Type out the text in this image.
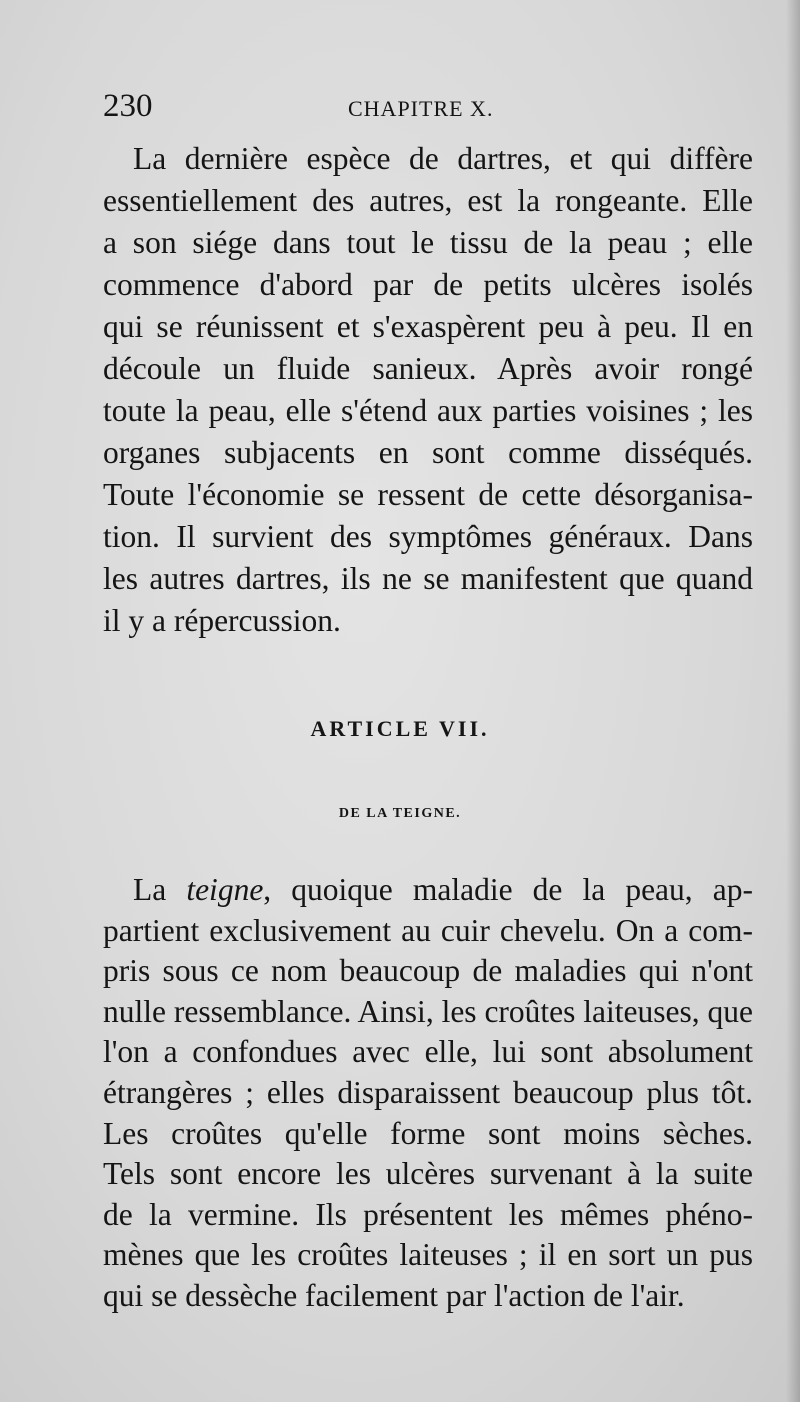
230	CHAPITRE X.
La dernière espèce de dartres, et qui diffère
essentiellement des autres, est la rongeante. Elle
a son siége dans tout le tissu de la peau ; elle
commence d'abord par de petits ulcères isolés
qui se réunissent et s'exaspèrent peu à peu. Il en
découle un fluide sanieux. Après avoir rongé
toute la peau, elle s'étend aux parties voisines ; les
organes subjacents en sont comme disséqués.
Toute l'économie se ressent de cette désorganisa-
tion. Il survient des symptômes généraux. Dans
les autres dartres, ils ne se manifestent que quand
il y a répercussion.
ARTICLE VII.
DE LA TEIGNE.
La teigne, quoique maladie de la peau, ap-
partient exclusivement au cuir chevelu. On a com-
pris sous ce nom beaucoup de maladies qui n'ont
nulle ressemblance. Ainsi, les croûtes laiteuses, que
l'on a confondues avec elle, lui sont absolument
étrangères ; elles disparaissent beaucoup plus tôt.
Les croûtes qu'elle forme sont moins sèches.
Tels sont encore les ulcères survenant à la suite
de la vermine. Ils présentent les mêmes phéno-
mènes que les croûtes laiteuses ; il en sort un pus
qui se dessèche facilement par l'action de l'air.
